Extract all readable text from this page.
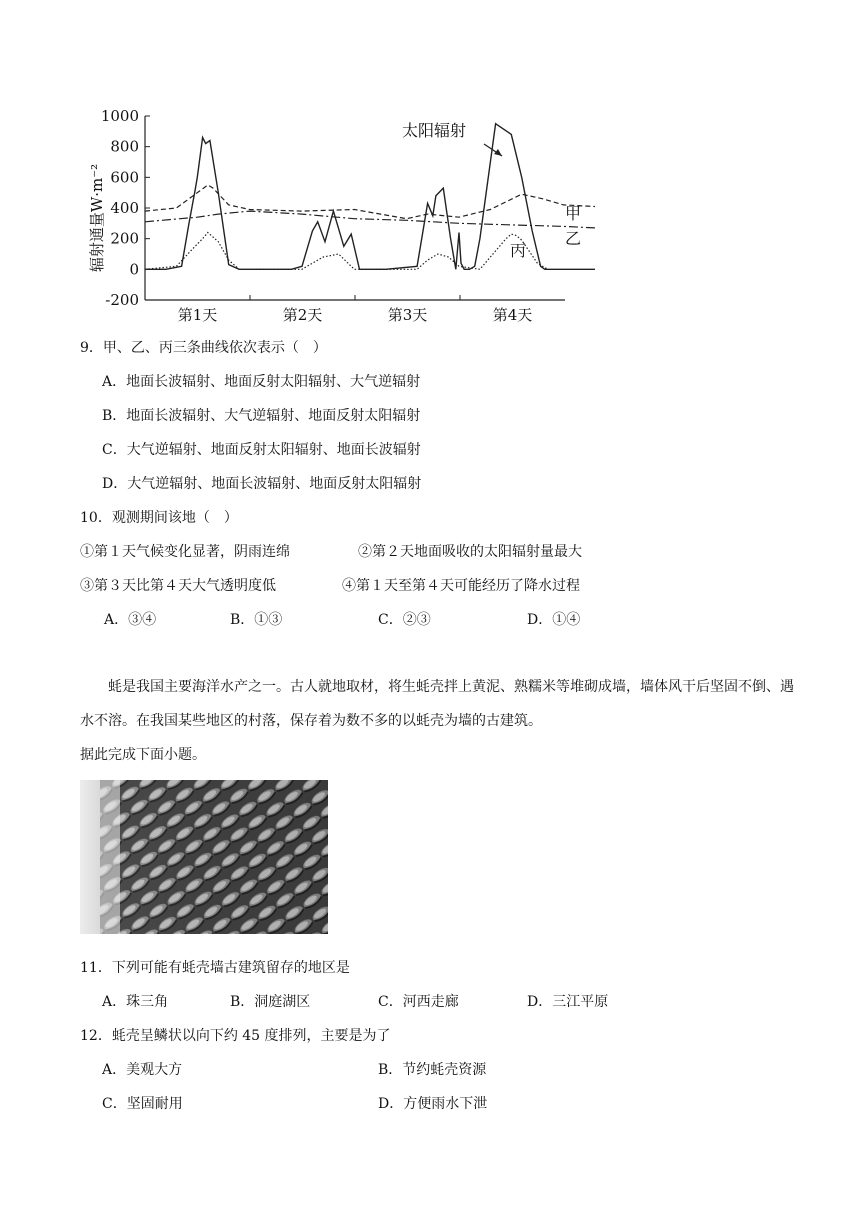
1000
800
600
400
200
0
-200
辐射通量W·m⁻²
第1天	第2天	第3天	第4天
太阳辐射
甲
乙
丙
9．甲、乙、丙三条曲线依次表示（　）
A．地面长波辐射、地面反射太阳辐射、大气逆辐射
B．地面长波辐射、大气逆辐射、地面反射太阳辐射
C．大气逆辐射、地面反射太阳辐射、地面长波辐射
D．大气逆辐射、地面长波辐射、地面反射太阳辐射
10．观测期间该地（　）
①第１天气候变化显著，阴雨连绵	②第２天地面吸收的太阳辐射量最大
③第３天比第４天大气透明度低	④第１天至第４天可能经历了降水过程
A．③④	B．①③	C．②③	D．①④

蚝是我国主要海洋水产之一。古人就地取材，将生蚝壳拌上黄泥、熟糯米等堆砌成墙，墙体风干后坚固不倒、遇水不溶。在我国某些地区的村落，保存着为数不多的以蚝壳为墙的古建筑。

据此完成下面小题。

11．下列可能有蚝壳墙古建筑留存的地区是
A．珠三角	B．洞庭湖区	C．河西走廊	D．三江平原
12．蚝壳呈鳞状以向下约 45 度排列，主要是为了
A．美观大方	B．节约蚝壳资源
C．坚固耐用	D．方便雨水下泄
